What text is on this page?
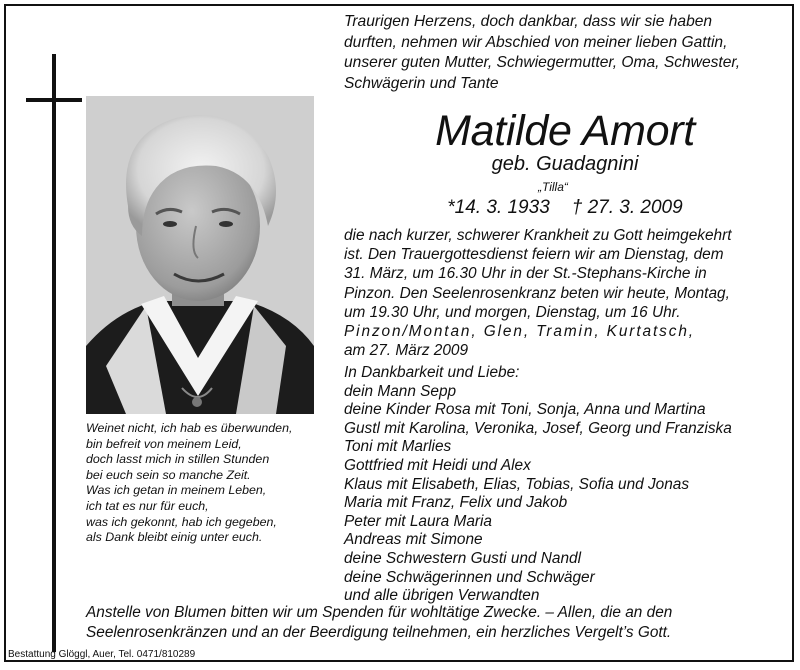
Traurigen Herzens, doch dankbar, dass wir sie haben
durften, nehmen wir Abschied von meiner lieben Gattin,
unserer guten Mutter, Schwiegermutter, Oma, Schwester,
Schwägerin und Tante
Matilde Amort
geb. Guadagnini
„Tilla“
*14. 3. 1933 † 27. 3. 2009
die nach kurzer, schwerer Krankheit zu Gott heimgekehrt
ist. Den Trauergottesdienst feiern wir am Dienstag, dem
31. März, um 16.30 Uhr in der St.-Stephans-Kirche in
Pinzon. Den Seelenrosenkranz beten wir heute, Montag,
um 19.30 Uhr, und morgen, Dienstag, um 16 Uhr.
Pinzon/Montan, Glen, Tramin, Kurtatsch,
am 27. März 2009
In Dankbarkeit und Liebe:
dein Mann Sepp
deine Kinder Rosa mit Toni, Sonja, Anna und Martina
Gustl mit Karolina, Veronika, Josef, Georg und Franziska
Toni mit Marlies
Gottfried mit Heidi und Alex
Klaus mit Elisabeth, Elias, Tobias, Sofia und Jonas
Maria mit Franz, Felix und Jakob
Peter mit Laura Maria
Andreas mit Simone
deine Schwestern Gusti und Nandl
deine Schwägerinnen und Schwäger
und alle übrigen Verwandten
Weinet nicht, ich hab es überwunden,
bin befreit von meinem Leid,
doch lasst mich in stillen Stunden
bei euch sein so manche Zeit.
Was ich getan in meinem Leben,
ich tat es nur für euch,
was ich gekonnt, hab ich gegeben,
als Dank bleibt einig unter euch.
Anstelle von Blumen bitten wir um Spenden für wohltätige Zwecke. – Allen, die an den
Seelenrosenkränzen und an der Beerdigung teilnehmen, ein herzliches Vergelt’s Gott.
Bestattung Glöggl, Auer, Tel. 0471/810289
